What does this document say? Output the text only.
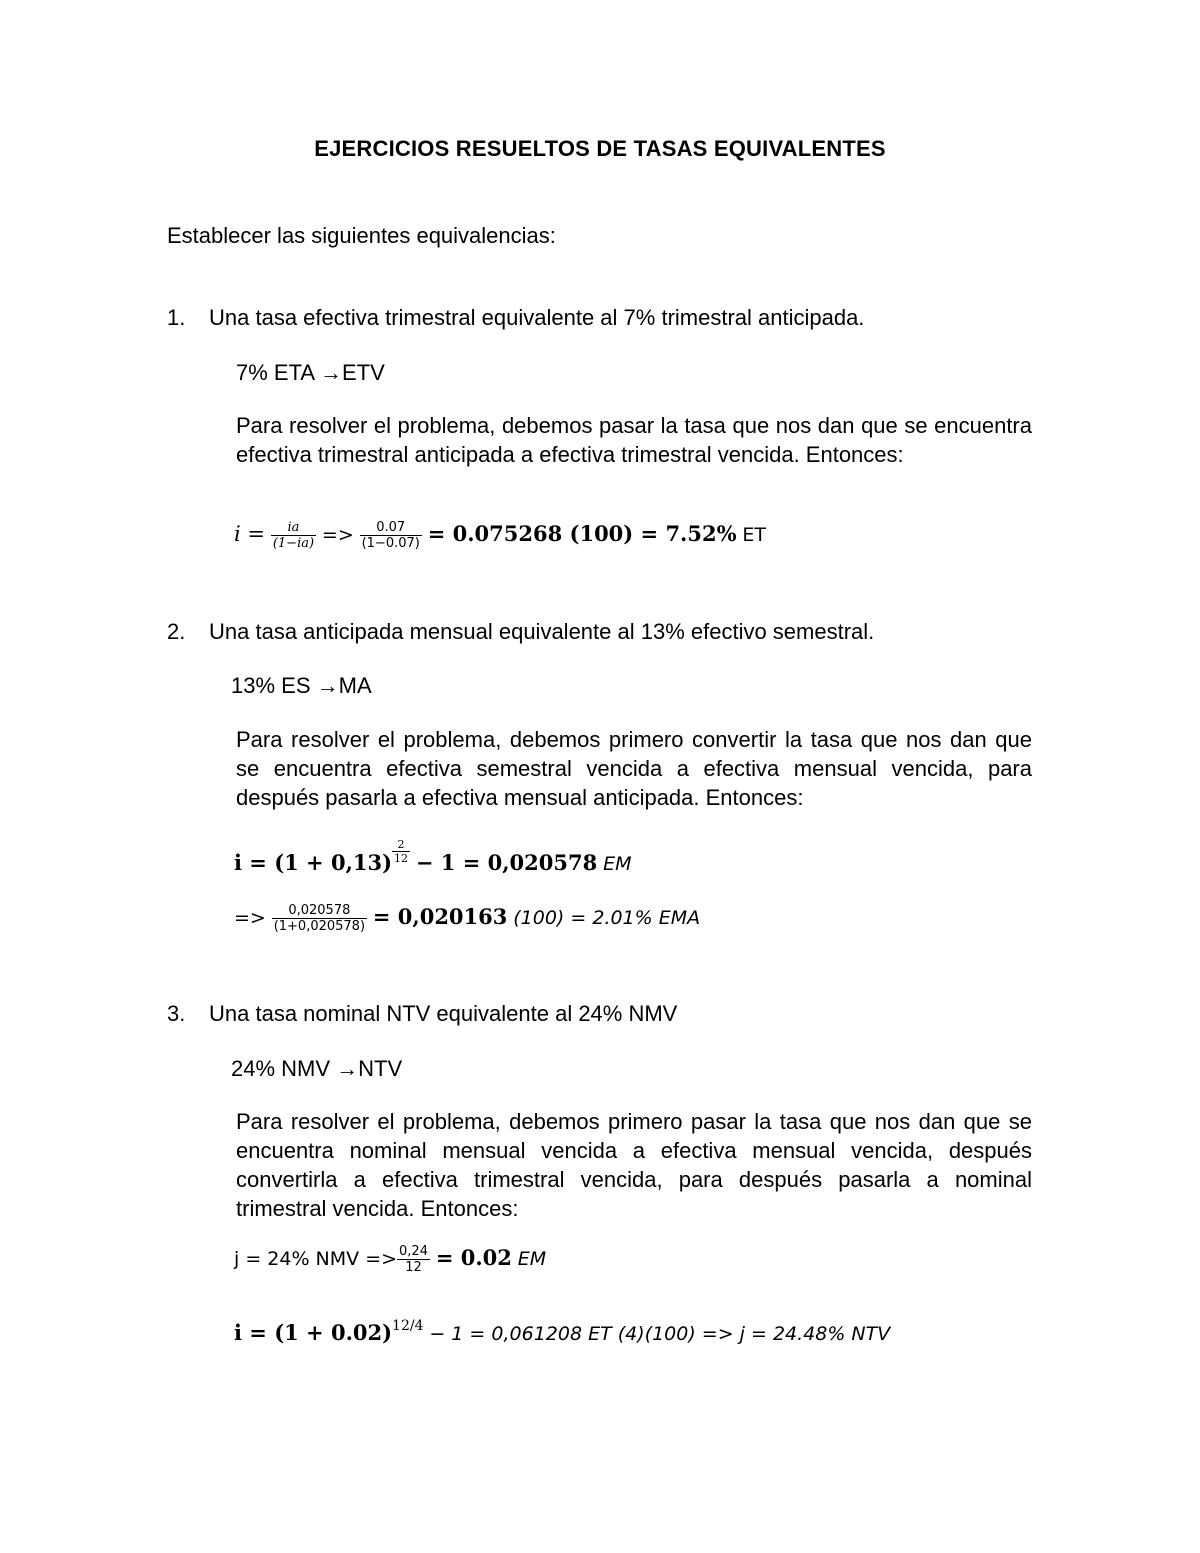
EJERCICIOS RESUELTOS DE TASAS EQUIVALENTES
Establecer las siguientes equivalencias:
1. Una tasa efectiva trimestral equivalente al 7% trimestral anticipada.
7% ETA →ETV
Para resolver el problema, debemos pasar la tasa que nos dan que se encuentra efectiva trimestral anticipada a efectiva trimestral vencida. Entonces:
$i = \frac{ia}{(1-ia)} => \frac{0.07}{(1-0.07)} = 0.075268$ (100) = 7.52% ET
2. Una tasa anticipada mensual equivalente al 13% efectivo semestral.
13% ES →MA
Para resolver el problema, debemos primero convertir la tasa que nos dan que se encuentra efectiva semestral vencida a efectiva mensual vencida, para después pasarla a efectiva mensual anticipada. Entonces:
$i = (1 + 0,13) \frac{2}{12} - 1 = 0,020578$ EM
=> $\frac{0,020578}{(1+0,020578)} = 0,020163$ (100) = 2.01% EMA
3. Una tasa nominal NTV equivalente al 24% NMV
24% NMV →NTV
Para resolver el problema, debemos primero pasar la tasa que nos dan que se encuentra nominal mensual vencida a efectiva mensual vencida, después convertirla a efectiva trimestral vencida, para después pasarla a nominal trimestral vencida. Entonces:
j = 24% NMV => $\frac{0,24}{12} = 0.02$ EM
$i = (1 + 0.02)^{12/4} - 1 = 0,061208$ ET (4)(100) => j = 24.48% NTV
